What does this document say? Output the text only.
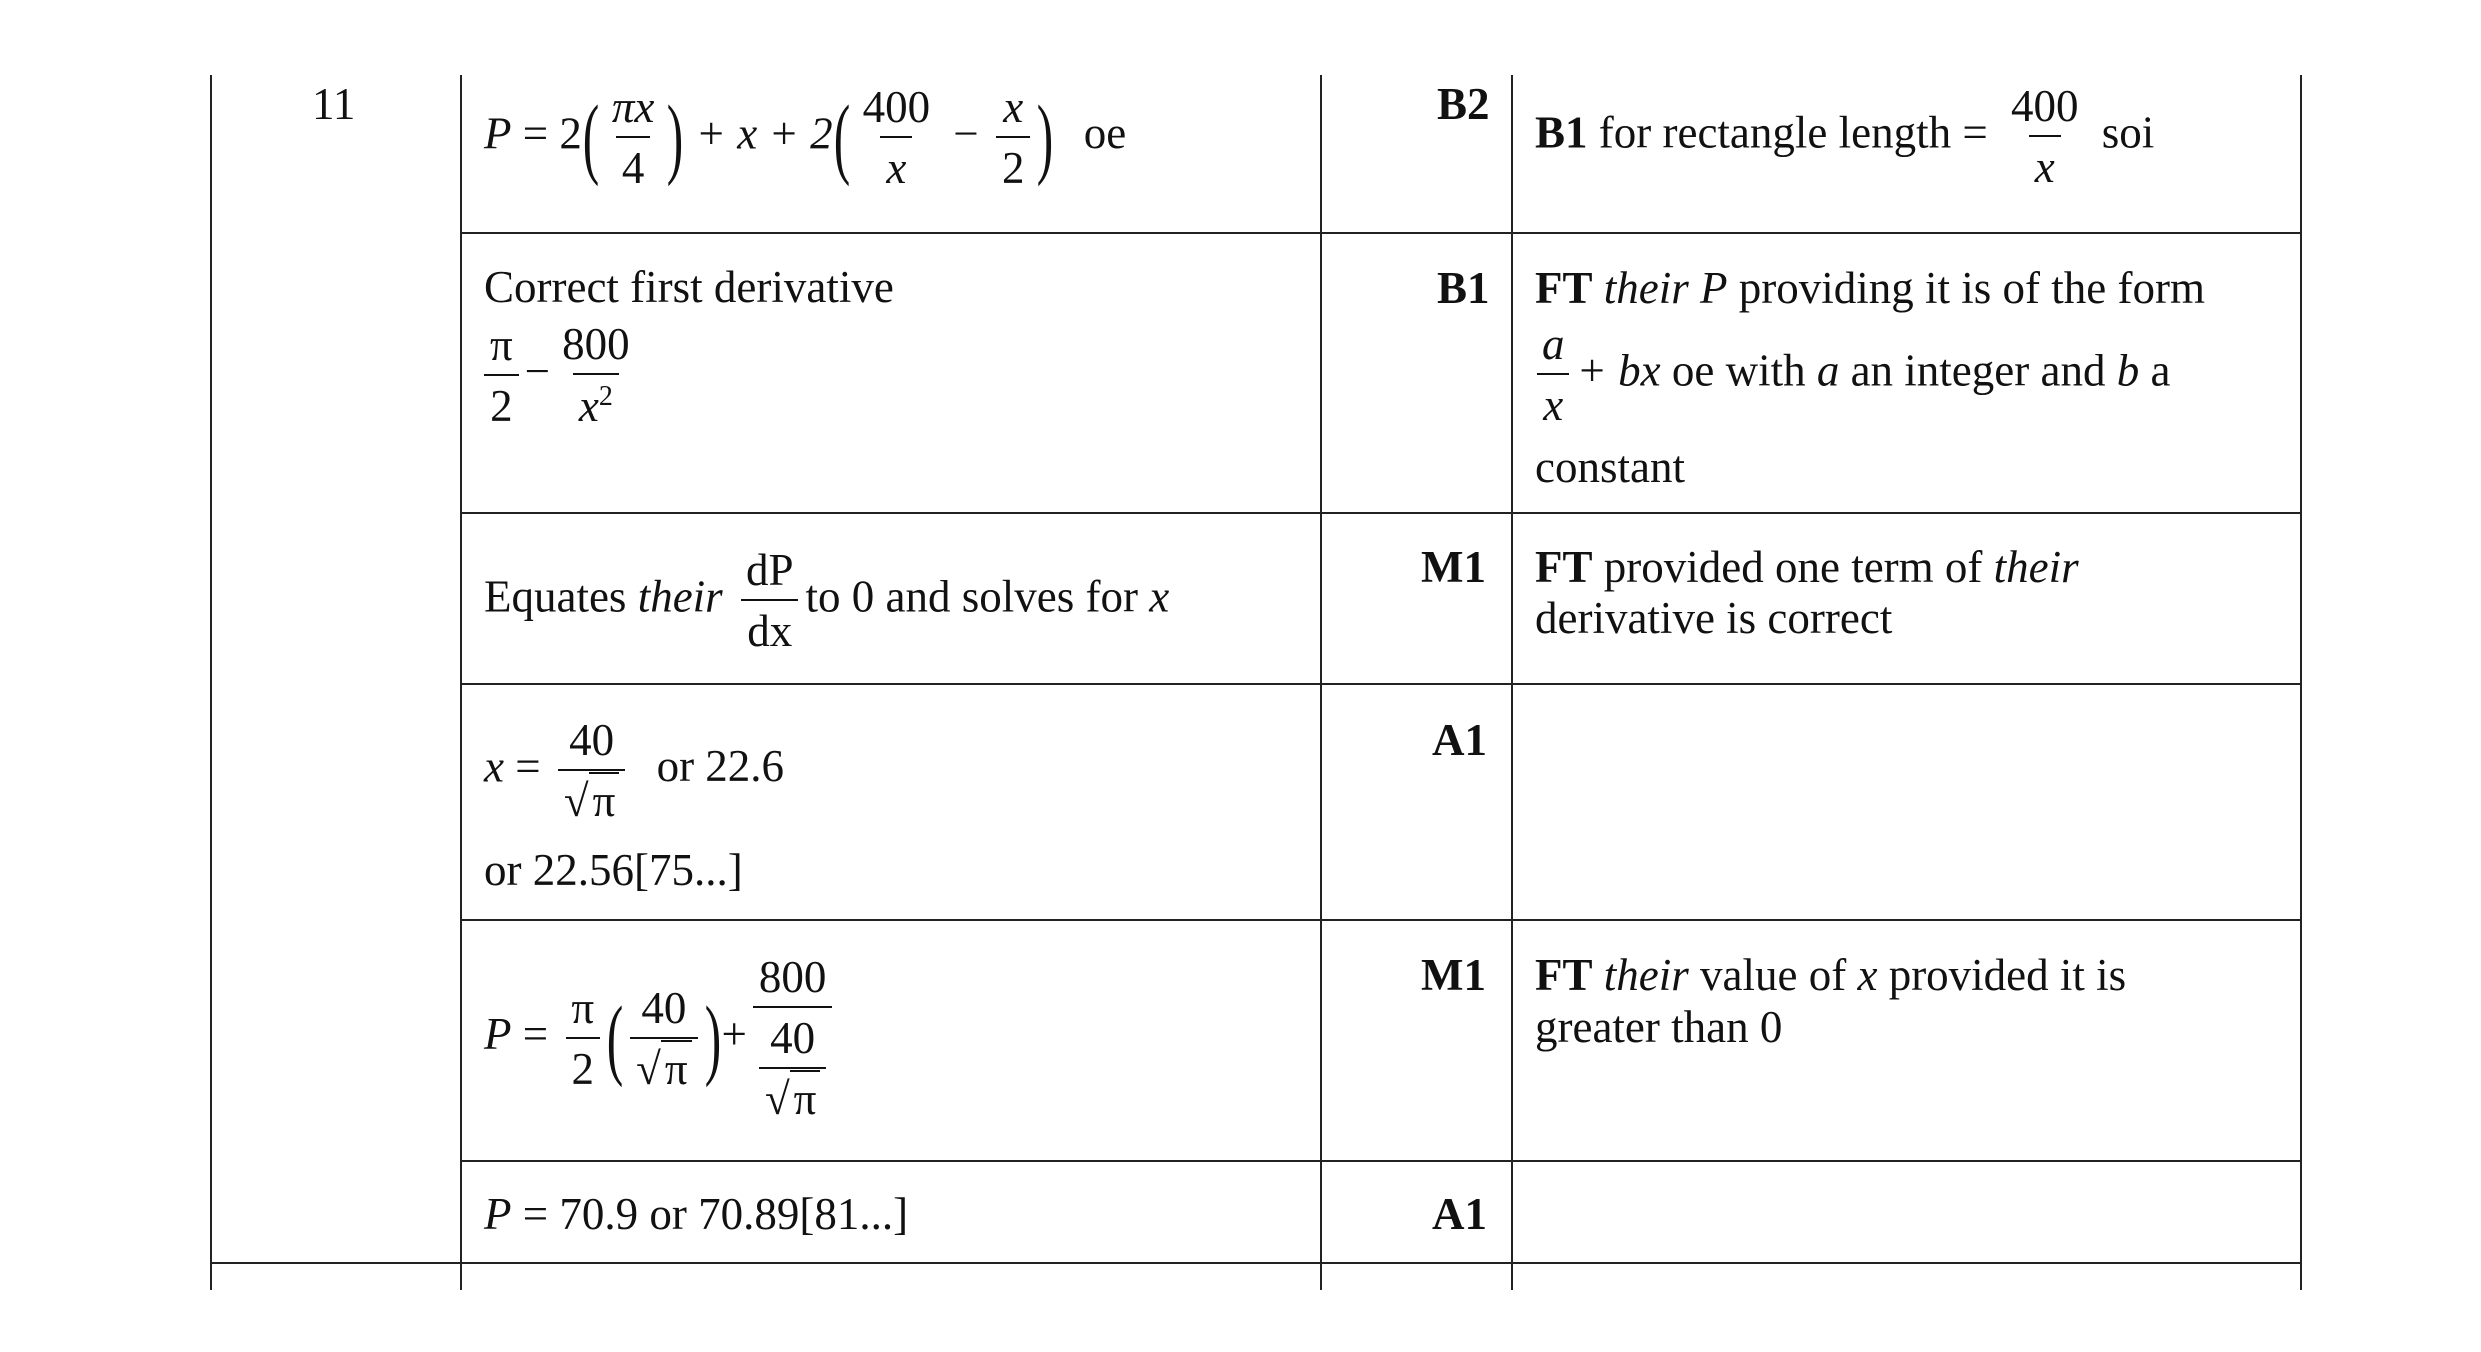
11
$P = 2( \frac{\pi x}{4}$ ) + $x + 2( \frac{400}{x} - \frac{x}{2}$ ) oe
B2
B1 for rectangle length = $\frac{400}{x}$ soi
Correct first derivative
$\frac{\pi}{2} - \frac{800}{x^2}$
B1 FT their P providing it is of the form
$\frac{a}{x}$ + bx oe with a an integer and b a
constant
Equates their $\frac{dP}{dx}$ to 0 and solves for x
M1 FT provided one term of their
derivative is correct
$x = \frac{40}{√\pi}$ or 22.6
or 22.56[75...]
A1
$P = \frac{\pi}{2}$ ( $\frac{40}{√\pi}$ )+ $\frac{800}{\frac{40}{√\pi}}$	M1 FT their value of x provided it is
greater than 0
P = 70.9 or 70.89[81...]	A1
